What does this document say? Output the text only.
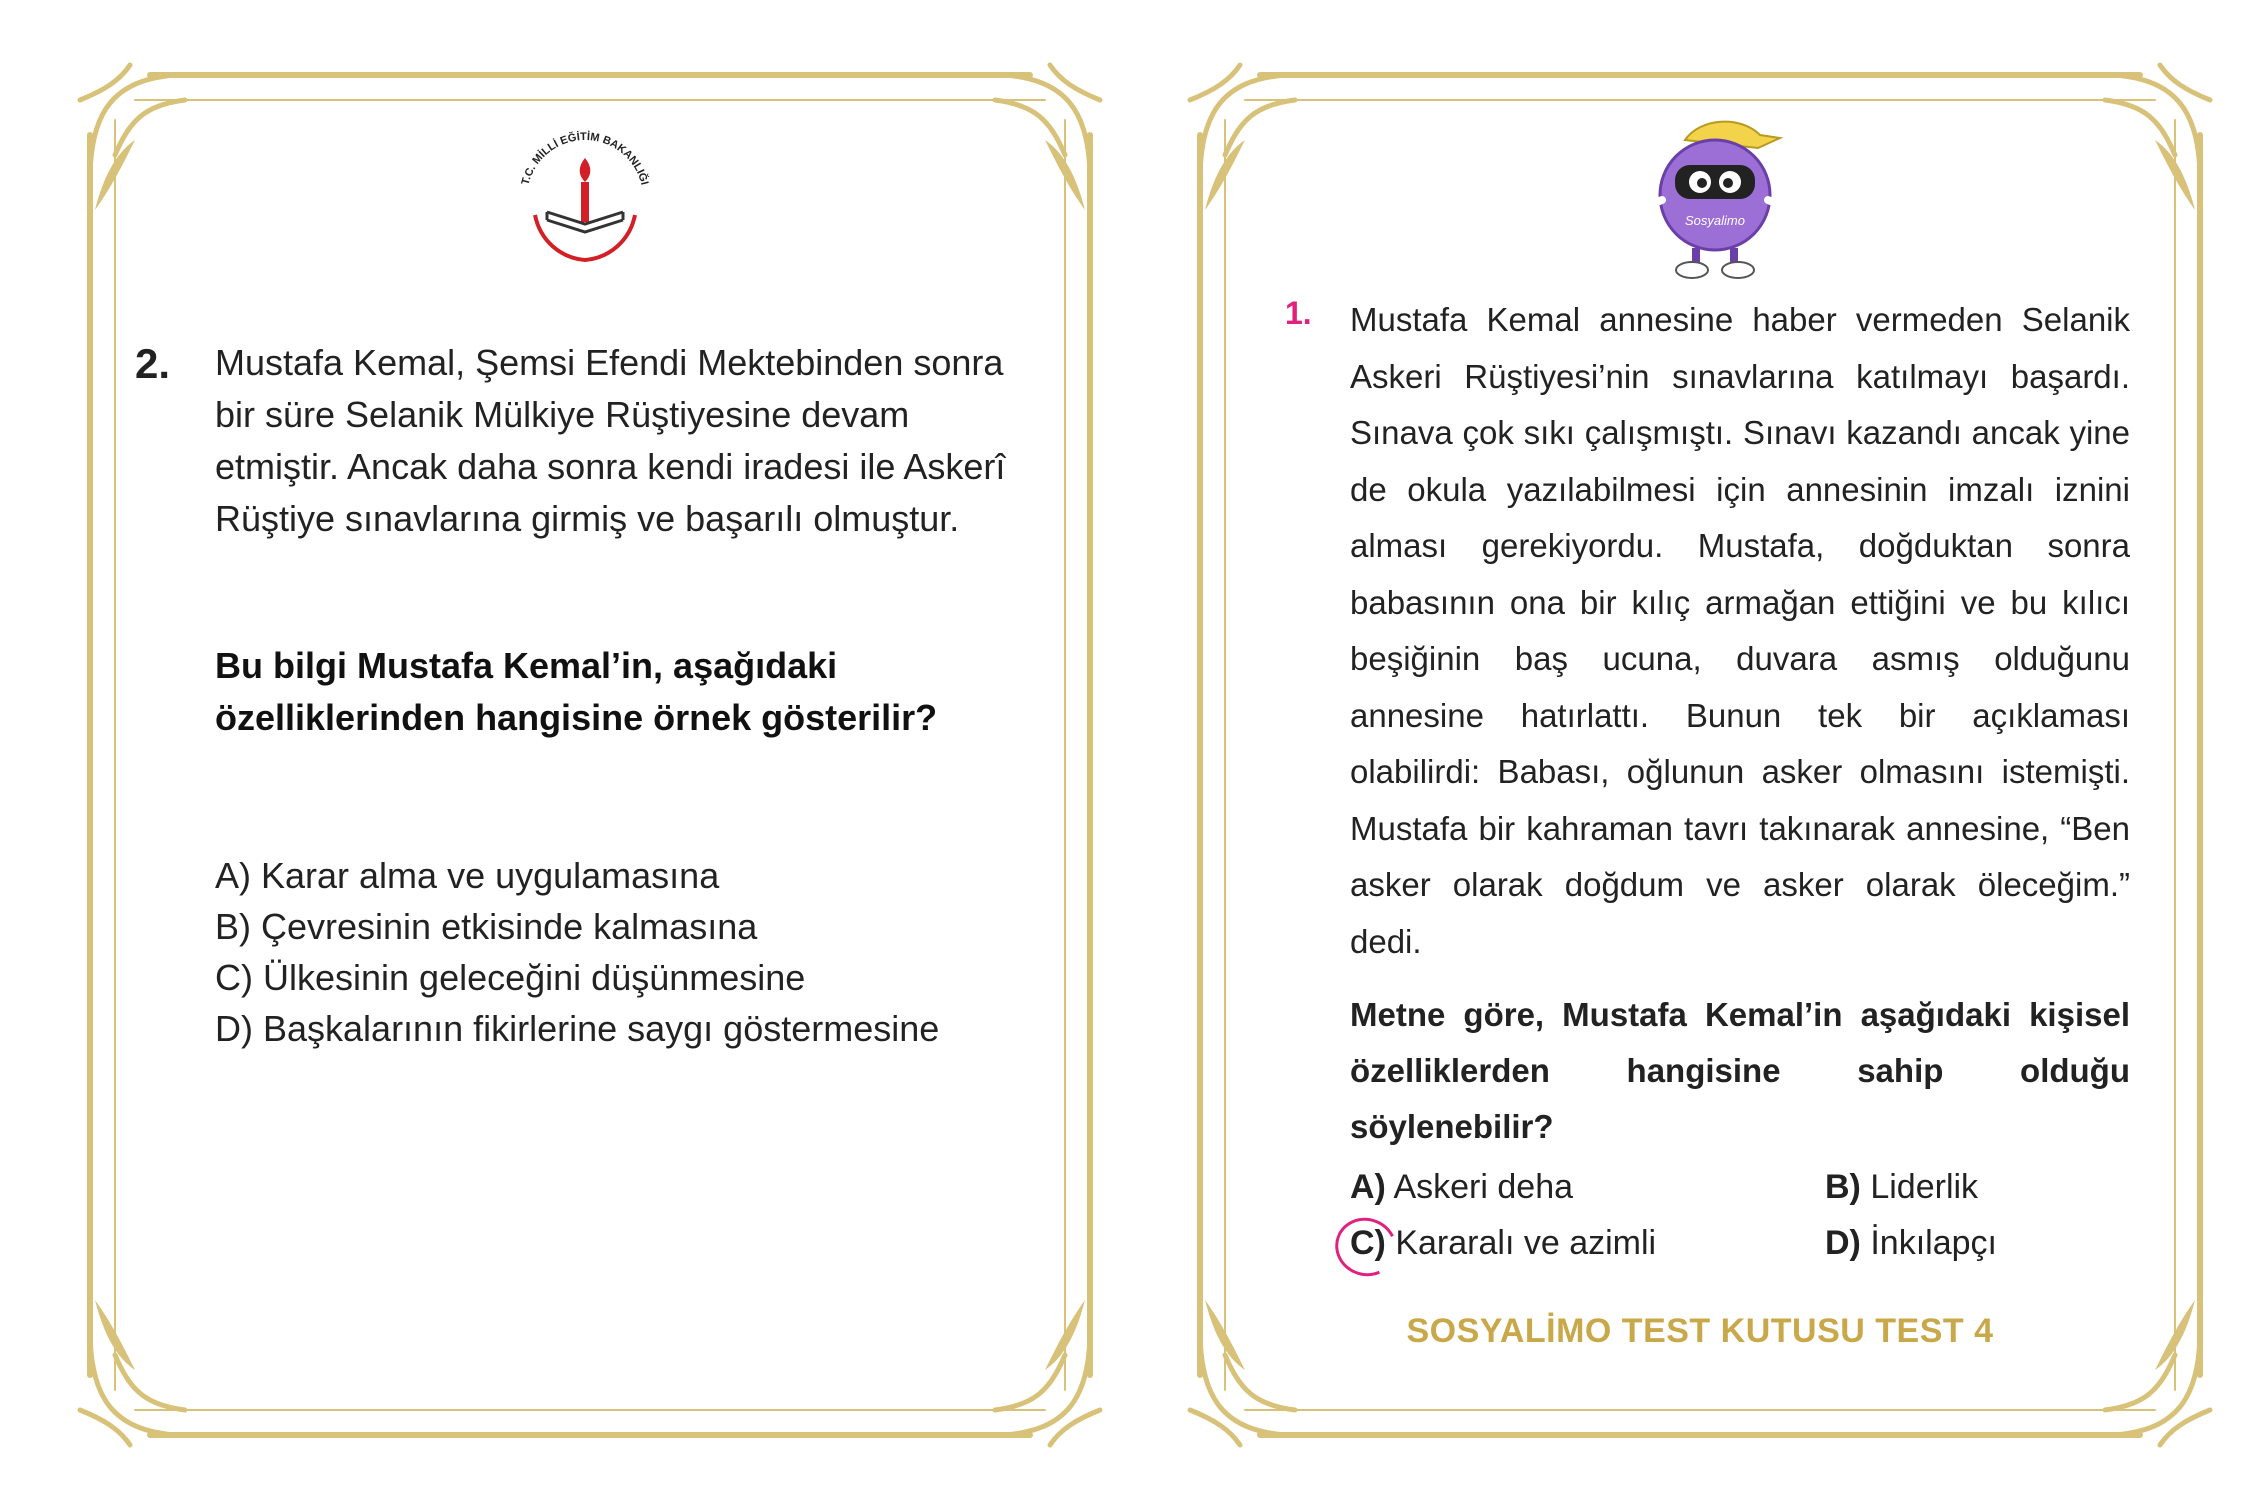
T.C. MİLLİ EĞİTİM BAKANLIĞI
2. Mustafa Kemal, Şemsi Efendi Mektebinden sonra bir süre Selanik Mülkiye Rüştiyesine devam etmiştir. Ancak daha sonra kendi iradesi ile Askerî Rüştiye sınavlarına girmiş ve başarılı olmuştur.
Bu bilgi Mustafa Kemal’in, aşağıdaki özelliklerinden hangisine örnek gösterilir?
A) Karar alma ve uygulamasına
B) Çevresinin etkisinde kalmasına
C) Ülkesinin geleceğini düşünmesine
D) Başkalarının fikirlerine saygı göstermesine
Sosyalimo
1. Mustafa Kemal annesine haber vermeden Selanik Askeri Rüştiyesi’nin sınavlarına katılmayı başardı. Sınava çok sıkı çalışmıştı. Sınavı kazandı ancak yine de okula yazılabilmesi için annesinin imzalı iznini alması gerekiyordu. Mustafa, doğduktan sonra babasının ona bir kılıç armağan ettiğini ve bu kılıcı beşiğinin baş ucuna, duvara asmış olduğunu annesine hatırlattı. Bunun tek bir açıklaması olabilirdi: Babası, oğlunun asker olmasını istemişti. Mustafa bir kahraman tavrı takınarak annesine, “Ben asker olarak doğdum ve asker olarak öleceğim.” dedi.
Metne göre, Mustafa Kemal’in aşağıdaki kişisel özelliklerden hangisine sahip olduğu söylenebilir?
A) Askeri deha	B) Liderlik
C) Kararalı ve azimli	D) İnkılapçı
SOSYALİMO TEST KUTUSU TEST 4
